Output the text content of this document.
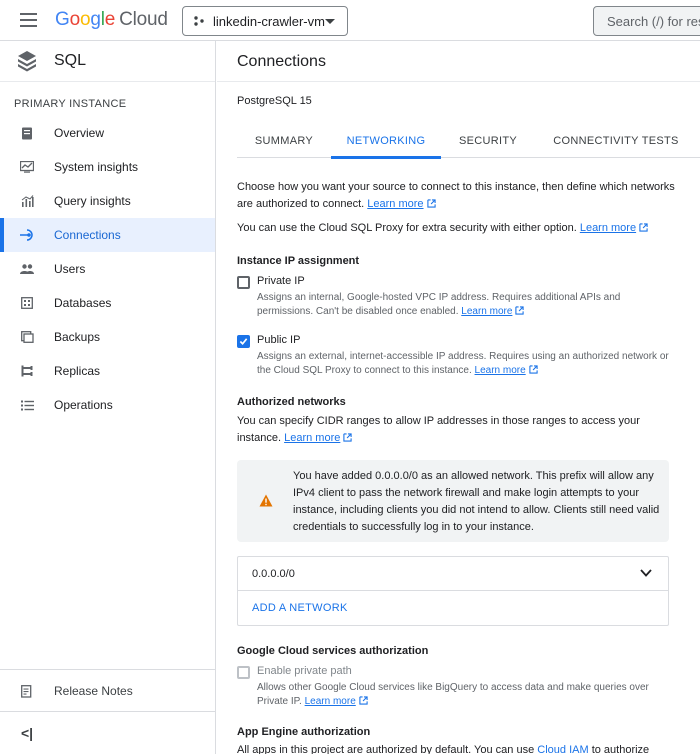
Google Cloud	linkedin-crawler-vm
Search (/) for resources
SQL
PRIMARY INSTANCE
Overview
System insights
Query insights
Connections
Users
Databases
Backups
Replicas
Operations
Release Notes
<|
Connections
PostgreSQL 15
SUMMARY	NETWORKING	SECURITY	CONNECTIVITY TESTS
Choose how you want your source to connect to this instance, then define which networks are authorized to connect. Learn more
You can use the Cloud SQL Proxy for extra security with either option. Learn more
Instance IP assignment
Private IP
Assigns an internal, Google-hosted VPC IP address. Requires additional APIs and permissions. Can't be disabled once enabled. Learn more
Public IP
Assigns an external, internet-accessible IP address. Requires using an authorized network or the Cloud SQL Proxy to connect to this instance. Learn more
Authorized networks
You can specify CIDR ranges to allow IP addresses in those ranges to access your instance. Learn more
You have added 0.0.0.0/0 as an allowed network. This prefix will allow any IPv4 client to pass the network firewall and make login attempts to your instance, including clients you did not intend to allow. Clients still need valid credentials to successfully log in to your instance.
0.0.0.0/0
ADD A NETWORK
Google Cloud services authorization
Enable private path
Allows other Google Cloud services like BigQuery to access data and make queries over Private IP. Learn more
App Engine authorization
All apps in this project are authorized by default. You can use Cloud IAM to authorize
